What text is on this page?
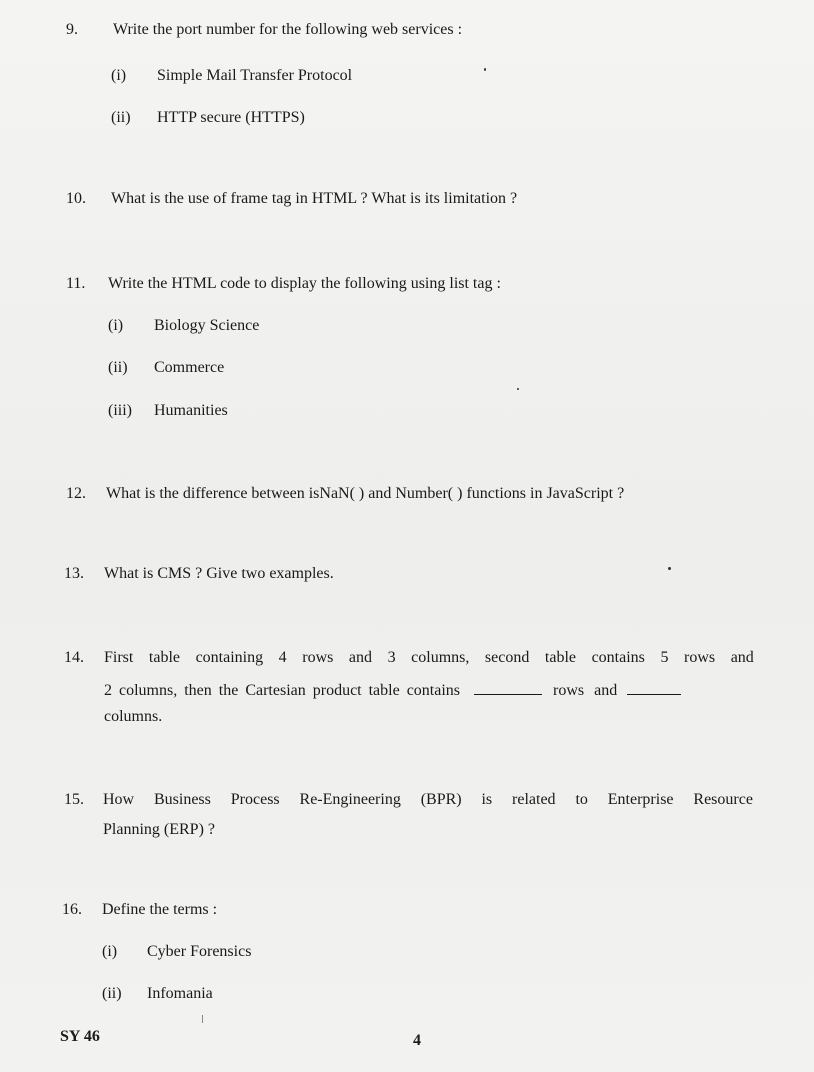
9. Write the port number for the following web services :
(i) Simple Mail Transfer Protocol
(ii) HTTP secure (HTTPS)
10. What is the use of frame tag in HTML ? What is its limitation ?
11. Write the HTML code to display the following using list tag :
(i) Biology Science
(ii) Commerce
(iii) Humanities
12. What is the difference between isNaN( ) and Number( ) functions in JavaScript ?
13. What is CMS ? Give two examples.
14. First table containing 4 rows and 3 columns, second table contains 5 rows and
2 columns, then the Cartesian product table contains	rows and
columns.
15. How Business Process Re-Engineering (BPR) is related to Enterprise Resource
Planning (ERP) ?
16. Define the terms :
(i) Cyber Forensics
(ii) Infomania
SY 46	4
